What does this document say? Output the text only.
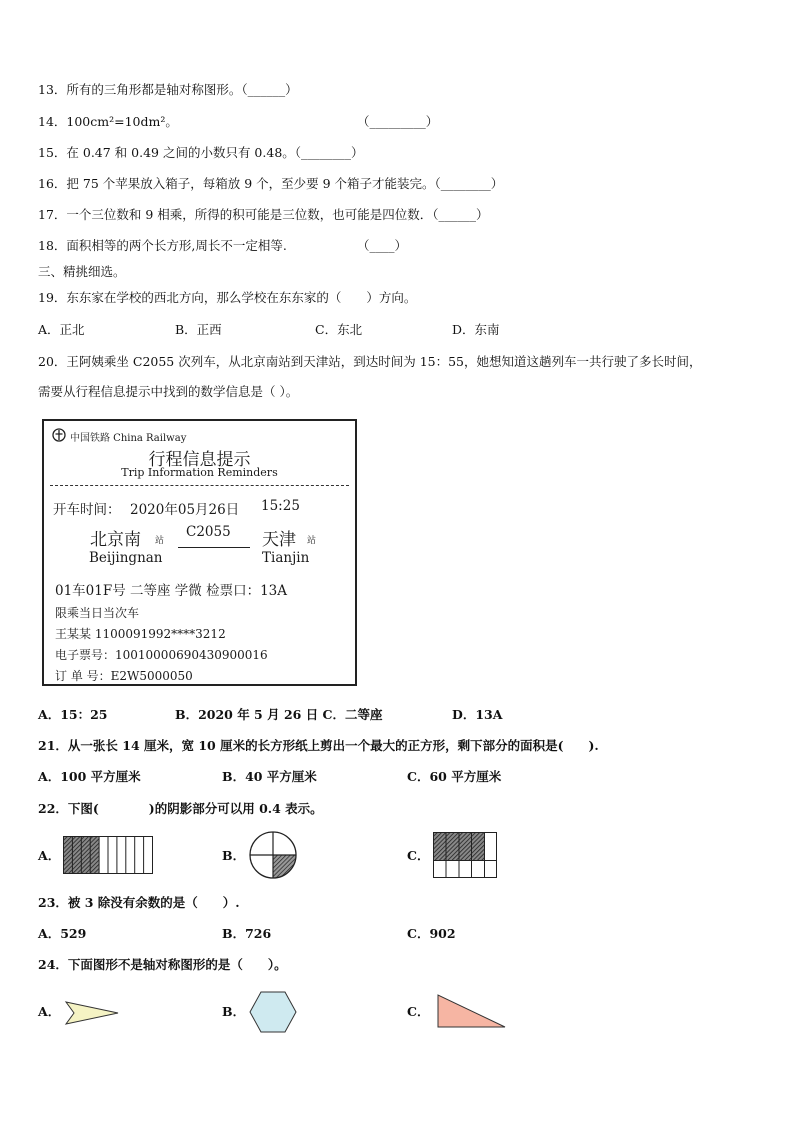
13．所有的三角形都是轴对称图形。（______）
14．100cm²=10dm²。	（_________）
15．在 0.47 和 0.49 之间的小数只有 0.48。（________）
16．把 75 个苹果放入箱子，每箱放 9 个，至少要 9 个箱子才能装完。（________）
17．一个三位数和 9 相乘，所得的积可能是三位数，也可能是四位数．（______）
18．面积相等的两个长方形,周长不一定相等.	（____）
三、精挑细选。
19．东东家在学校的西北方向，那么学校在东东家的（　　）方向。
A．正北	B．正西	C．东北	D．东南
20．王阿姨乘坐 C2055 次列车，从北京南站到天津站，到达时间为 15：55，她想知道这趟列车一共行驶了多长时间，
需要从行程信息提示中找到的数学信息是（ ）。
中国铁路 China Railway
行程信息提示
Trip Information Reminders
开车时间： 2020年05月26日 15:25
北京南 站
C2055 天津 站
Beijingnan	Tianjin
01车01F号 二等座 学微 检票口：13A
限乘当日当次车
王某某 1100091992****3212
电子票号：10010000690430900016
订 单 号：E2W5000050
A．15：25	B．2020 年 5 月 26 日 C．二等座	D．13A
21．从一张长 14 厘米，宽 10 厘米的长方形纸上剪出一个最大的正方形，剩下部分的面积是(　　).
A．100 平方厘米	B．40 平方厘米	C．60 平方厘米
22．下图(　　　　)的阴影部分可以用 0.4 表示。
A．	B．	C．
23．被 3 除没有余数的是（　　）.
A．529	B．726	C．902
24．下面图形不是轴对称图形的是（　　）。
A．	B．	C．
